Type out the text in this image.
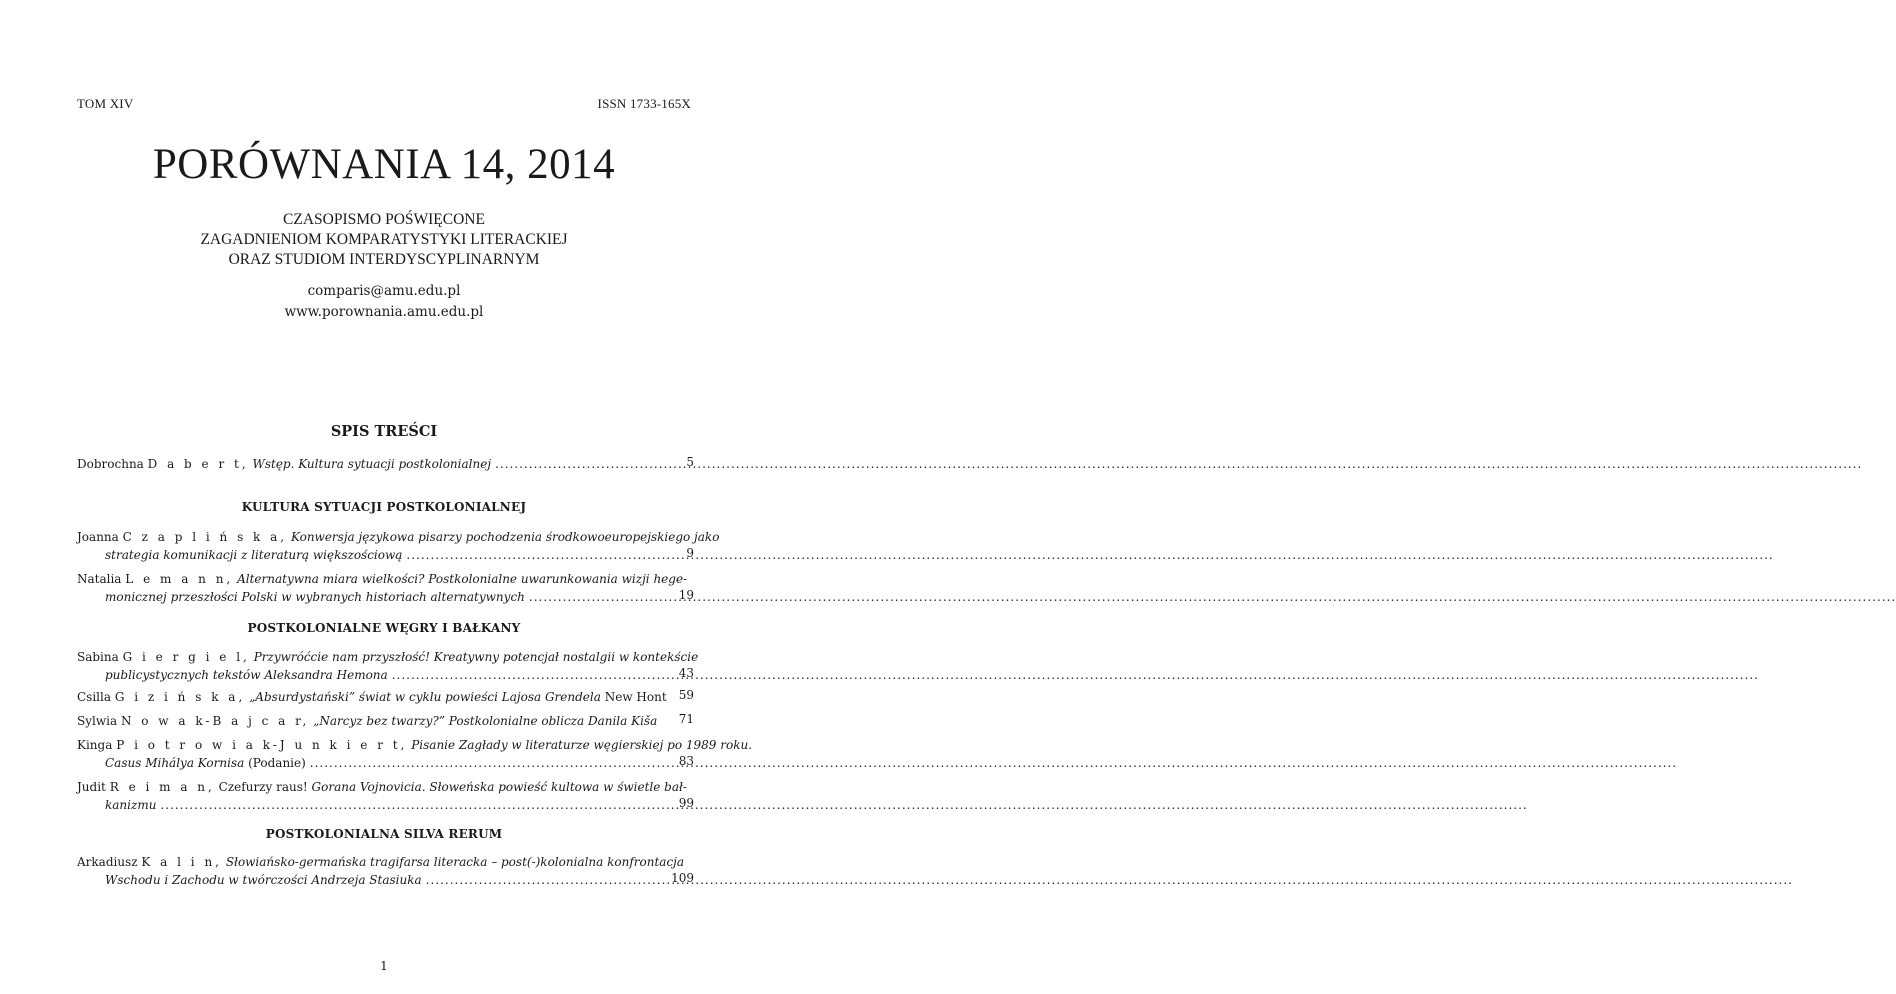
TOM XIV	ISSN 1733-165X
PORÓWNANIA 14, 2014
CZASOPISMO POŚWIĘCONE
ZAGADNIENIOM KOMPARATYSTYKI LITERACKIEJ
ORAZ STUDIOM INTERDYSCYPLINARNYM
comparis@amu.edu.pl
www.porownania.amu.edu.pl
SPIS TREŚCI
Dobrochna
D a b e r t,
Wstęp. Kultura sytuacji postkolonialnej .....	5
KULTURA SYTUACJI POSTKOLONIALNEJ
Joanna
C z a p l i ń s k a,
Konwersja językowa pisarzy pochodzenia środkowoeuropejskiego jako
strategia komunikacji z literaturą większościową .....	9
Natalia
L e m a n n,
Alternatywna miara wielkości? Postkolonialne uwarunkowania wizji hege-
monicznej przeszłości Polski w wybranych historiach alternatywnych .....	19
POSTKOLONIALNE WĘGRY I BAŁKANY
Sabina
G i e r g i e l,
Przywróćcie nam przyszłość! Kreatywny potencjał nostalgii w kontekście
publicystycznych tekstów Aleksandra Hemona .....	43
Csilla
G i z i ń s k a,
„Absurdystański” świat w cyklu powieści Lajosa Grendela
New Hont	59
Sylwia
N o w a k-B a j c a r,
„Narcyz bez twarzy?” Postkolonialne oblicza Danila Kiša	71
Kinga
P i o t r o w i a k-J u n k i e r t,
Pisanie Zagłady w literaturze węgierskiej po 1989 roku.
Casus Mihálya Kornisa
(Podanie) .....	83
Judit
R e i m a n,
Czefurzy raus!
Gorana Vojnovicia. Słoweńska powieść kultowa w świetle bał-
kanizmu .....	99
POSTKOLONIALNA SILVA RERUM
Arkadiusz
K a l i n,
Słowiańsko-germańska tragifarsa literacka – post(-)kolonialna konfrontacja
Wschodu i Zachodu w twórczości Andrzeja Stasiuka .....	109
1
